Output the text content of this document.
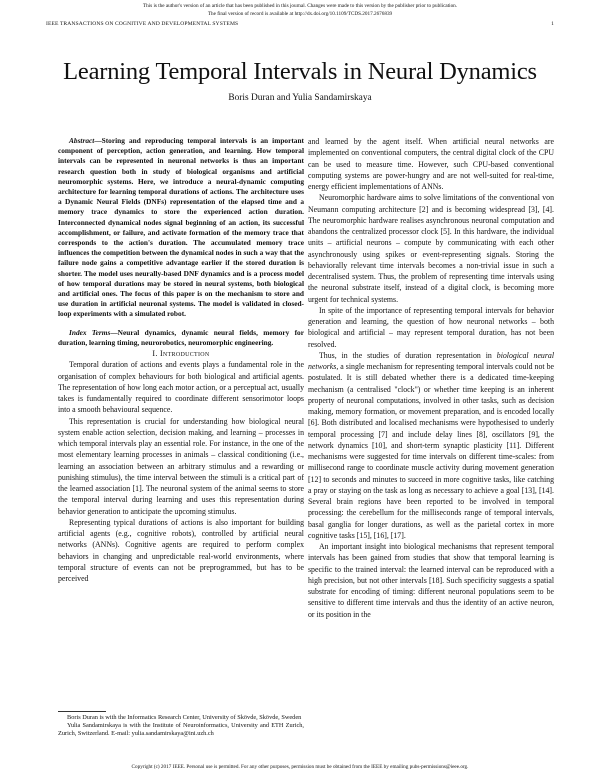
This is the author's version of an article that has been published in this journal. Changes were made to this version by the publisher prior to publication.
The final version of record is available at http://dx.doi.org/10.1109/TCDS.2017.2676839
IEEE TRANSACTIONS ON COGNITIVE AND DEVELOPMENTAL SYSTEMS	1
Learning Temporal Intervals in Neural Dynamics
Boris Duran and Yulia Sandamirskaya

Abstract—Storing and reproducing temporal intervals is an important component of perception, action generation, and learning. How temporal intervals can be represented in neuronal networks is thus an important research question both in study of biological organisms and artificial neuromorphic systems. Here, we introduce a neural-dynamic computing architecture for learning temporal durations of actions. The architecture uses a Dynamic Neural Fields (DNFs) representation of the elapsed time and a memory trace dynamics to store the experienced action duration. Interconnected dynamical nodes signal beginning of an action, its successful accomplishment, or failure, and activate formation of the memory trace that corresponds to the action's duration. The accumulated memory trace influences the competition between the dynamical nodes in such a way that the failure node gains a competitive advantage earlier if the stored duration is shorter. The model uses neurally-based DNF dynamics and is a process model of how temporal durations may be stored in neural systems, both biological and artificial ones. The focus of this paper is on the mechanism to store and use duration in artificial neuronal systems. The model is validated in closed-loop experiments with a simulated robot.

Index Terms—Neural dynamics, dynamic neural fields, memory for duration, learning timing, neurorobotics, neuromorphic engineering.

I. Introduction

Temporal duration of actions and events plays a fundamental role in the organisation of complex behaviours for both biological and artificial agents. The representation of how long each motor action, or a perceptual act, usually takes is fundamentally required to coordinate different sensorimotor loops into a smooth behavioural sequence.

This representation is crucial for understanding how biological neural system enable action selection, decision making, and learning – processes in which temporal intervals play an essential role. For instance, in the one of the most elementary learning processes in animals – classical conditioning (i.e., learning an association between an arbitrary stimulus and a rewarding or punishing stimulus), the time interval between the stimuli is a critical part of the learned association [1]. The neuronal system of the animal seems to store the temporal interval during learning and uses this representation during behavior generation to anticipate the upcoming stimulus.

Representing typical durations of actions is also important for building artificial agents (e.g., cognitive robots), controlled by artificial neural networks (ANNs). Cognitive agents are required to perform complex behaviors in changing and unpredictable real-world environments, where temporal structure of events can not be preprogrammed, but has to be perceived

Boris Duran is with the Informatics Research Center, University of Skövde, Skövde, Sweden

Yulia Sandamirskaya is with the Institute of Neuroinformatics, University and ETH Zurich, Zurich, Switzerland. E-mail: yulia.sandamirskaya@ini.uzh.ch

and learned by the agent itself. When artificial neural networks are implemented on conventional computers, the central digital clock of the CPU can be used to measure time. However, such CPU-based conventional computing systems are power-hungry and are not well-suited for real-time, energy efficient implementations of ANNs.

Neuromorphic hardware aims to solve limitations of the conventional von Neumann computing architecture [2] and is becoming widespread [3], [4]. The neuromorphic hardware realises asynchronous neuronal computation and abandons the centralized processor clock [5]. In this hardware, the individual units – artificial neurons – compute by communicating with each other asynchronously using spikes or event-representing signals. Storing the behaviorally relevant time intervals becomes a non-trivial issue in such a decentralised system. Thus, the problem of representing time intervals using the neuronal substrate itself, instead of a digital clock, is becoming more urgent for technical systems.

In spite of the importance of representing temporal intervals for behavior generation and learning, the question of how neuronal networks – both biological and artificial – may represent temporal duration, has not been resolved.

Thus, in the studies of duration representation in biological neural networks, a single mechanism for representing temporal intervals could not be postulated. It is still debated whether there is a dedicated time-keeping mechanism (a centralised "clock") or whether time keeping is an inherent property of neuronal computations, involved in other tasks, such as decision making, memory formation, or movement preparation, and is encoded locally [6]. Both distributed and localised mechanisms were hypothesised to underly temporal processing [7] and include delay lines [8], oscillators [9], the network dynamics [10], and short-term synaptic plasticity [11]. Different mechanisms were suggested for time intervals on different time-scales: from millisecond range to coordinate muscle activity during movement generation [12] to seconds and minutes to succeed in more cognitive tasks, like catching a pray or staying on the task as long as necessary to achieve a goal [13], [14]. Several brain regions have been reported to be involved in temporal processing: the cerebellum for the milliseconds range of temporal intervals, basal ganglia for longer durations, as well as the parietal cortex in more cognitive tasks [15], [16], [17].

An important insight into biological mechanisms that represent temporal intervals has been gained from studies that show that temporal learning is specific to the trained interval: the learned interval can be reproduced with a high precision, but not other intervals [18]. Such specificity suggests a spatial substrate for encoding of timing: different neuronal populations seem to be sensitive to different time intervals and thus the identity of an active neuron, or its position in the

Copyright (c) 2017 IEEE. Personal use is permitted. For any other purposes, permission must be obtained from the IEEE by emailing pubs-permissions@ieee.org.
